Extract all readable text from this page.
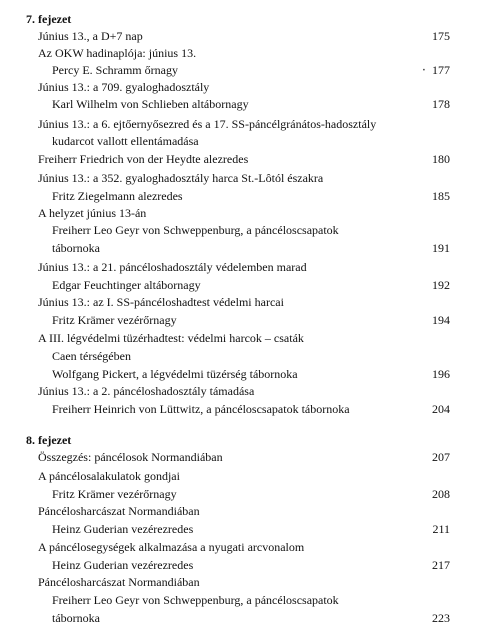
7. fejezet
Június 13., a D+7 nap	175
Az OKW hadinaplója: június 13.
Percy E. Schramm őrnagy	‧ 177
Június 13.: a 709. gyaloghadosztály
Karl Wilhelm von Schlieben altábornagy	178
Június 13.: a 6. ejtőernyősezred és a 17. SS-páncélgránátos-hadosztály
kudarcot vallott ellentámadása
Freiherr Friedrich von der Heydte alezredes	180
Június 13.: a 352. gyaloghadosztály harca St.-Lôtól északra
Fritz Ziegelmann alezredes	185
A helyzet június 13-án
Freiherr Leo Geyr von Schweppenburg, a páncéloscsapatok
tábornoka	191
Június 13.: a 21. páncéloshadosztály védelemben marad
Edgar Feuchtinger altábornagy	192
Június 13.: az I. SS-páncéloshadtest védelmi harcai
Fritz Krämer vezérőrnagy	194
A III. légvédelmi tüzérhadtest: védelmi harcok – csaták
Caen térségében
Wolfgang Pickert, a légvédelmi tüzérség tábornoka	196
Június 13.: a 2. páncéloshadosztály támadása
Freiherr Heinrich von Lüttwitz, a páncéloscsapatok tábornoka	204
8. fejezet
Összegzés: páncélosok Normandiában	207
A páncélosalakulatok gondjai
Fritz Krämer vezérőrnagy	208
Páncélosharcászat Normandiában
Heinz Guderian vezérezredes	211
A páncélosegységek alkalmazása a nyugati arcvonalom
Heinz Guderian vezérezredes	217
Páncélosharcászat Normandiában
Freiherr Leo Geyr von Schweppenburg, a páncéloscsapatok
tábornoka	223
